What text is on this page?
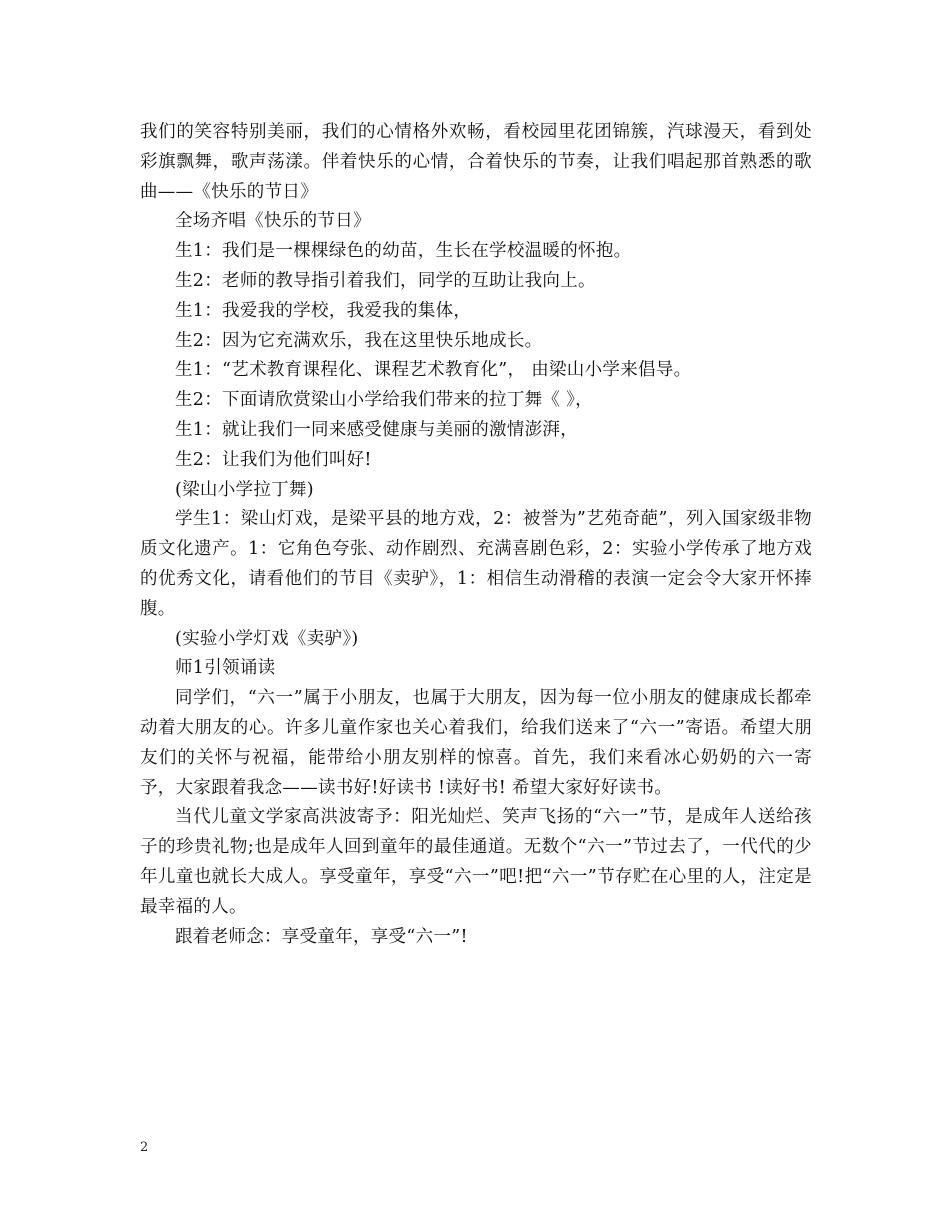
我们的笑容特别美丽，我们的心情格外欢畅，看校园里花团锦簇，汽球漫天，看到处彩旗飘舞，歌声荡漾。伴着快乐的心情，合着快乐的节奏，让我们唱起那首熟悉的歌曲——《快乐的节日》

全场齐唱《快乐的节日》

生1：我们是一棵棵绿色的幼苗，生长在学校温暖的怀抱。

生2：老师的教导指引着我们，同学的互助让我向上。

生1：我爱我的学校，我爱我的集体，

生2：因为它充满欢乐，我在这里快乐地成长。

生1：“艺术教育课程化、课程艺术教育化”， 由梁山小学来倡导。

生2：下面请欣赏梁山小学给我们带来的拉丁舞《 》，

生1：就让我们一同来感受健康与美丽的激情澎湃，

生2：让我们为他们叫好!

(梁山小学拉丁舞)

学生1：梁山灯戏，是梁平县的地方戏，2：被誉为”艺苑奇葩”，列入国家级非物质文化遗产。1：它角色夸张、动作剧烈、充满喜剧色彩，2：实验小学传承了地方戏的优秀文化，请看他们的节目《卖驴》，1：相信生动滑稽的表演一定会令大家开怀捧腹。

(实验小学灯戏《卖驴》)

师1引领诵读

同学们，“六一”属于小朋友，也属于大朋友，因为每一位小朋友的健康成长都牵动着大朋友的心。许多儿童作家也关心着我们，给我们送来了“六一”寄语。希望大朋友们的关怀与祝福，能带给小朋友别样的惊喜。首先，我们来看冰心奶奶的六一寄予，大家跟着我念——读书好!好读书 !读好书! 希望大家好好读书。

当代儿童文学家高洪波寄予：阳光灿烂、笑声飞扬的“六一”节，是成年人送给孩子的珍贵礼物;也是成年人回到童年的最佳通道。无数个“六一”节过去了，一代代的少年儿童也就长大成人。享受童年，享受“六一”吧!把“六一”节存贮在心里的人，注定是最幸福的人。

跟着老师念：享受童年，享受“六一”!

2
